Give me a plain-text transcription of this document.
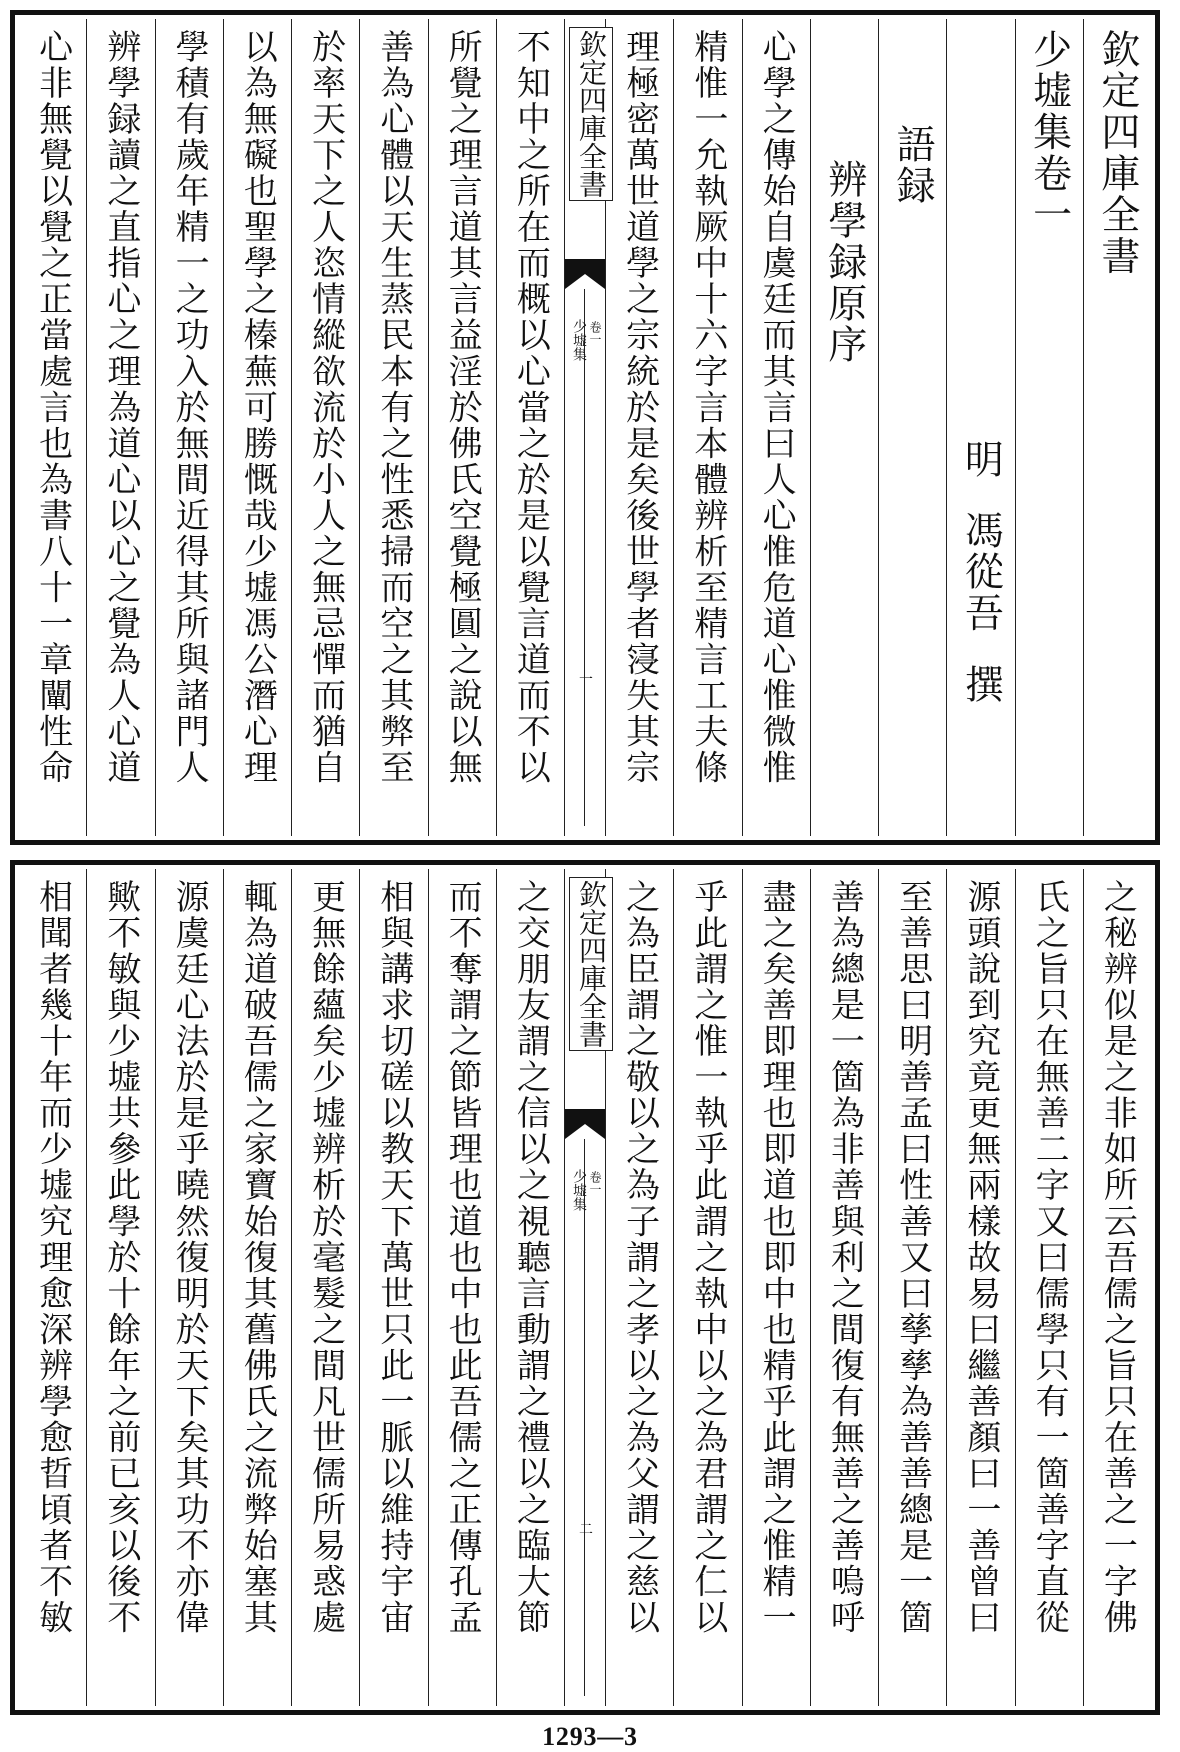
欽定四庫全書
少墟集卷一
明
馮從吾
撰
語録
辨學録原序
心學之傳始自虞廷而其言曰人心惟危道心惟微惟
精惟一允執厥中十六字言本體辨析至精言工夫條
理極密萬世道學之宗統於是矣後世學者寖失其宗
欽定四庫全書
少墟集 卷一
一
不知中之所在而概以心當之於是以覺言道而不以
所覺之理言道其言益淫於佛氏空覺極圓之說以無
善為心體以天生蒸民本有之性悉掃而空之其弊至
於率天下之人恣情縱欲流於小人之無忌憚而猶自
以為無礙也聖學之榛蕪可勝慨哉少墟馮公潛心理
學積有歲年精一之功入於無間近得其所與諸門人
辨學録讀之直指心之理為道心以心之覺為人心道
心非無覺以覺之正當處言也為書八十一章闡性命
之秘辨似是之非如所云吾儒之旨只在善之一字佛
氏之旨只在無善二字又曰儒學只有一箇善字直從
源頭說到究竟更無兩樣故易曰繼善顏曰一善曾曰
至善思曰明善孟曰性善又曰孳孳為善善總是一箇
善為總是一箇為非善與利之間復有無善之善嗚呼
盡之矣善即理也即道也即中也精乎此謂之惟精一
乎此謂之惟一執乎此謂之執中以之為君謂之仁以
之為臣謂之敬以之為子謂之孝以之為父謂之慈以
欽定四庫全書
少墟集 卷一
二
之交朋友謂之信以之視聽言動謂之禮以之臨大節
而不奪謂之節皆理也道也中也此吾儒之正傳孔孟
相與講求切磋以教天下萬世只此一脈以維持宇宙
更無餘蘊矣少墟辨析於毫髮之間凡世儒所易惑處
輒為道破吾儒之家寶始復其舊佛氏之流弊始塞其
源虞廷心法於是乎曉然復明於天下矣其功不亦偉
歟不敏與少墟共參此學於十餘年之前已亥以後不
相聞者幾十年而少墟究理愈深辨學愈晢頃者不敏
1293—3
